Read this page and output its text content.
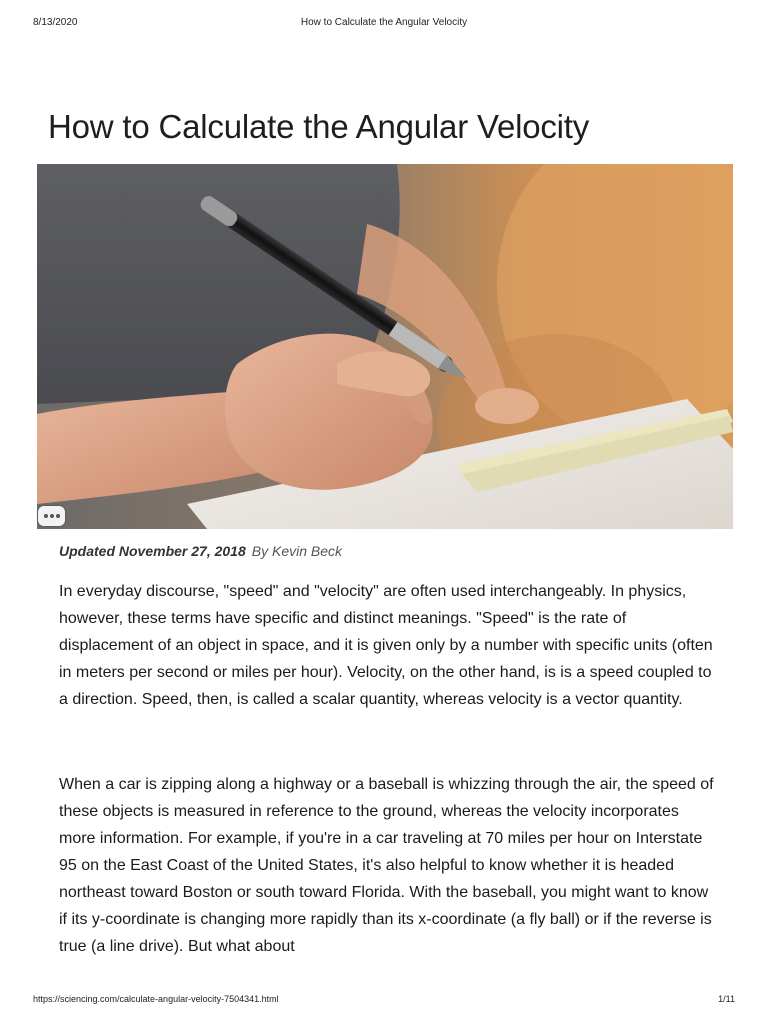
8/13/2020	How to Calculate the Angular Velocity
How to Calculate the Angular Velocity
Updated November 27, 2018 By Kevin Beck

In everyday discourse, "speed" and "velocity" are often used interchangeably. In physics, however, these terms have specific and distinct meanings. "Speed" is the rate of displacement of an object in space, and it is given only by a number with specific units (often in meters per second or miles per hour). Velocity, on the other hand, is is a speed coupled to a direction. Speed, then, is called a scalar quantity, whereas velocity is a vector quantity.

When a car is zipping along a highway or a baseball is whizzing through the air, the speed of these objects is measured in reference to the ground, whereas the velocity incorporates more information. For example, if you're in a car traveling at 70 miles per hour on Interstate 95 on the East Coast of the United States, it's also helpful to know whether it is headed northeast toward Boston or south toward Florida. With the baseball, you might want to know if its y-coordinate is changing more rapidly than its x-coordinate (a fly ball) or if the reverse is true (a line drive). But what about

https://sciencing.com/calculate-angular-velocity-7504341.html	1/11
